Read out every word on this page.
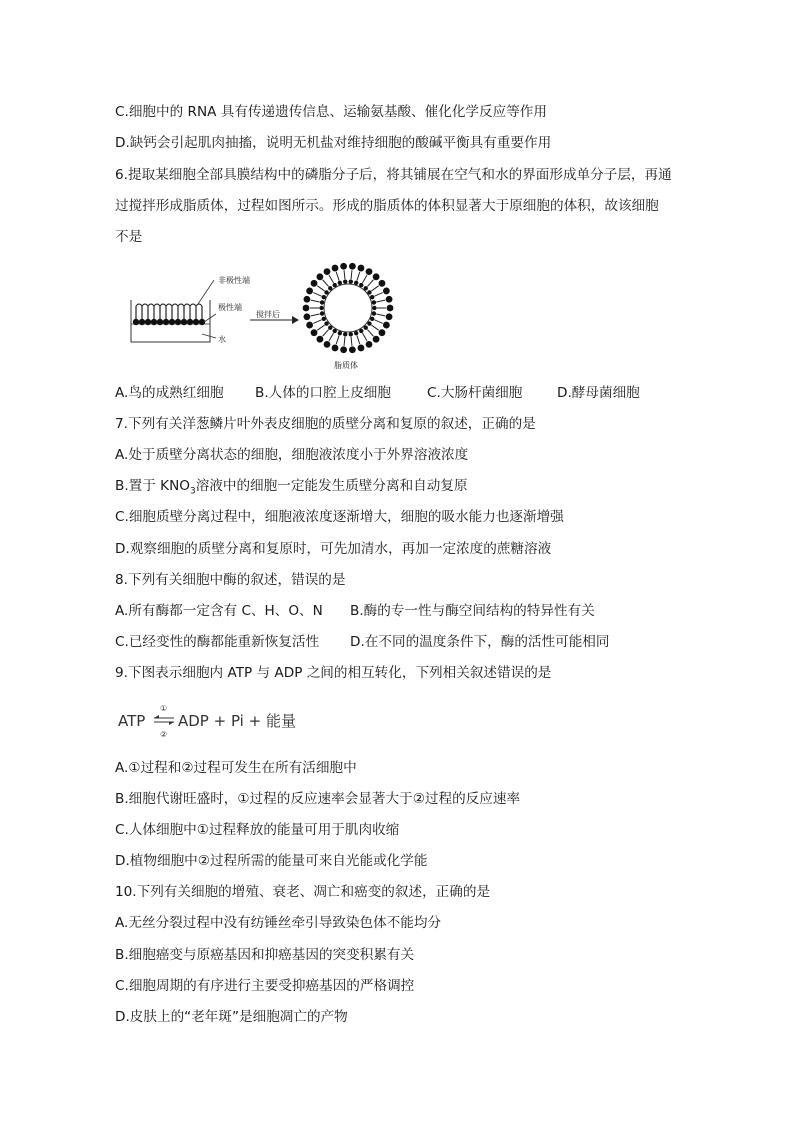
C.细胞中的 RNA 具有传递遗传信息、运输氨基酸、催化化学反应等作用
D.缺钙会引起肌肉抽搐，说明无机盐对维持细胞的酸碱平衡具有重要作用
6.提取某细胞全部具膜结构中的磷脂分子后，将其铺展在空气和水的界面形成单分子层，再通
过搅拌形成脂质体，过程如图所示。形成的脂质体的体积显著大于原细胞的体积，故该细胞
不是
非极性端
极性端
水
搅拌后
脂质体
A.鸟的成熟红细胞 B.人体的口腔上皮细胞	C.大肠杆菌细胞	D.酵母菌细胞
7.下列有关洋葱鳞片叶外表皮细胞的质壁分离和复原的叙述，正确的是
A.处于质壁分离状态的细胞，细胞液浓度小于外界溶液浓度
B.置于 $KNO_3$溶液中的细胞一定能发生质壁分离和自动复原
C.细胞质壁分离过程中，细胞液浓度逐渐增大，细胞的吸水能力也逐渐增强
D.观察细胞的质壁分离和复原时，可先加清水，再加一定浓度的蔗糖溶液
8.下列有关细胞中酶的叙述，错误的是
A.所有酶都一定含有 C、H、O、N B.酶的专一性与酶空间结构的特异性有关
C.已经变性的酶都能重新恢复活性 D.在不同的温度条件下，酶的活性可能相同
9.下图表示细胞内 ATP 与 ADP 之间的相互转化，下列相关叙述错误的是
ATP
①
②
ADP + Pi + 能量
A.①过程和②过程可发生在所有活细胞中
B.细胞代谢旺盛时，①过程的反应速率会显著大于②过程的反应速率
C.人体细胞中①过程释放的能量可用于肌肉收缩
D.植物细胞中②过程所需的能量可来自光能或化学能
10.下列有关细胞的增殖、衰老、凋亡和癌变的叙述，正确的是
A.无丝分裂过程中没有纺锤丝牵引导致染色体不能均分
B.细胞癌变与原癌基因和抑癌基因的突变积累有关
C.细胞周期的有序进行主要受抑癌基因的严格调控
D.皮肤上的“老年斑”是细胞凋亡的产物
